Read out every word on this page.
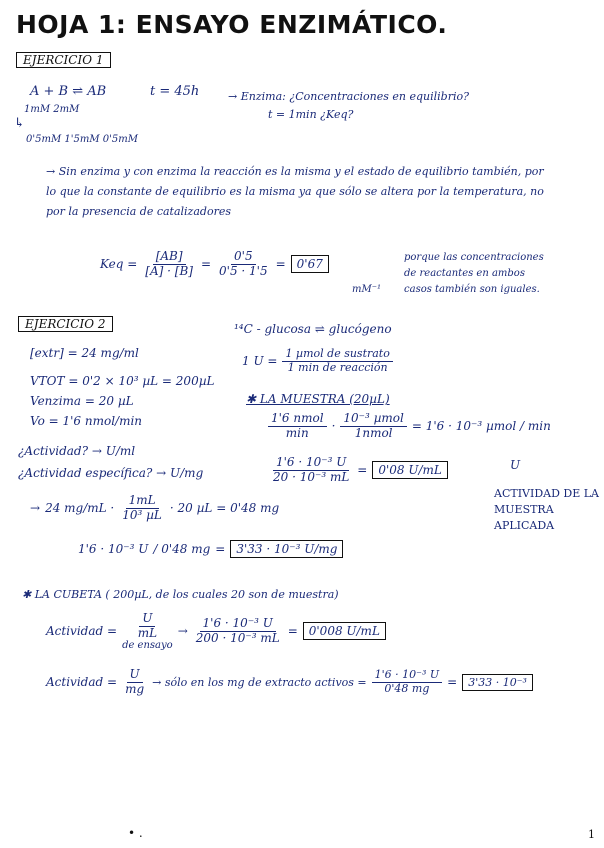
HOJA 1: ENSAYO ENZIMÁTICO.
EJERCICIO 1
A + B ⇌ AB	t = 45h	→ Enzima: ¿Concentraciones en equilibrio?
t = 1min ¿Keq?
1mM 2mM
↳
0'5mM 1'5mM 0'5mM
→ Sin enzima y con enzima la reacción es la misma y el estado de equilibrio también, por lo que la constante de equilibrio es la misma ya que sólo se altera por la temperatura, no por la presencia de catalizadores
Keq = $\frac{[AB]}{[A] \cdot [B]} = \frac{0'5}{0'5 \cdot 1'5} = 0'67$
mM⁻¹
porque las concentraciones de reactantes en ambos casos también son iguales.
EJERCICIO 2
[extr] = 24 mg/ml
VTOT = 0'2 × 10³ µL = 200µL
Venzima = 20 µL
Vo = 1'6 nmol/min
¿Actividad? → U/ml
¿Actividad específica? → U/mg
¹⁴C - glucosa ⇌ glucógeno
1 $U = \frac{\text{1 µmol de sustrato}}{\text{1 min de reacción}}$
✱ LA MUESTRA (20µL)
$\frac{\text{1'6 nmol}}{\min} \cdot \frac{\text{10⁻³ µmol}}{\text{1nmol}} = 1'6 \cdot 10^{-3}$ µmol / min
U
ACTIVIDAD DE LA MUESTRA APLICADA
$\frac{\text{1'6 · 10⁻³ U}}{\text{20 · 10⁻³ mL}} = 0'08$ U/mL
→ 24 $mg/mL \cdot \frac{1mL}{\text{10³ µL}} \cdot 20$ µL = 0'48 mg
1'6 · 10⁻³ U / 0'48 mg = 3'33 · 10⁻³ U/mg
✱ LA CUBETA ( 200µL, de los cuales 20 son de muestra)
Actividad =
U
mL
de ensayo
→ $\frac{\text{1'6 · 10⁻³ U}}{\text{200 · 10⁻³ mL}} = 0'008$ U/mL
Actividad = $\frac{U}{mg}$ → sólo en los mg de extracto activos = $\frac{\text{1'6 · 10⁻³ U}}{0'48 mg}$ =	3'33 · 10⁻³
• .	1
